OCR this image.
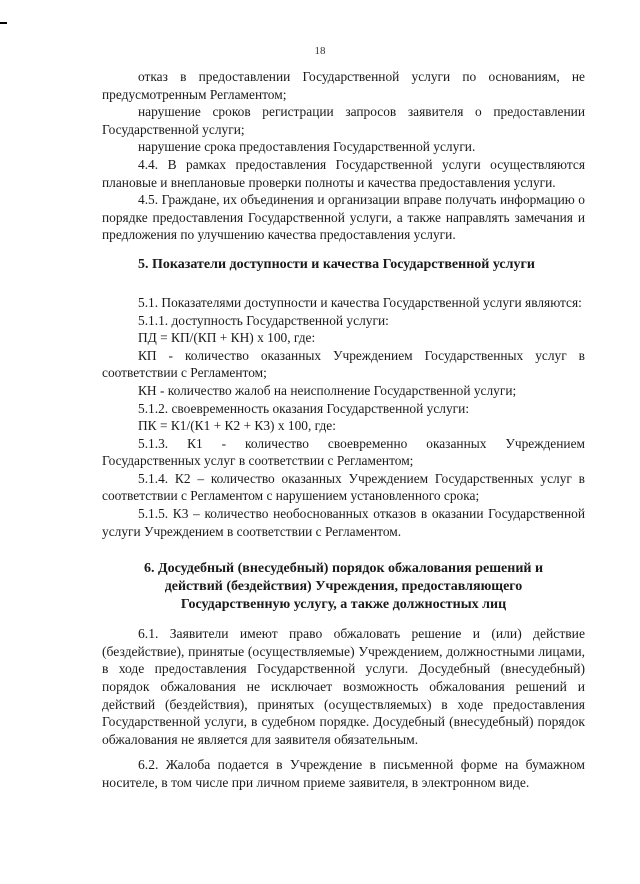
18

отказ в предоставлении Государственной услуги по основаниям, не предусмотренным Регламентом;

нарушение сроков регистрации запросов заявителя о предоставлении Государственной услуги;

нарушение срока предоставления Государственной услуги.

4.4. В рамках предоставления Государственной услуги осуществляются плановые и внеплановые проверки полноты и качества предоставления услуги.

4.5. Граждане, их объединения и организации вправе получать информацию о порядке предоставления Государственной услуги, а также направлять замечания и предложения по улучшению качества предоставления услуги.

5. Показатели доступности и качества Государственной услуги

5.1. Показателями доступности и качества Государственной услуги являются:

5.1.1. доступность Государственной услуги:

ПД = КП/(КП + КН) х 100, где:

КП - количество оказанных Учреждением Государственных услуг в соответствии с Регламентом;

КН - количество жалоб на неисполнение Государственной услуги;

5.1.2. своевременность оказания Государственной услуги:

ПК = К1/(К1 + К2 + К3) х 100, где:

5.1.3. К1 - количество своевременно оказанных Учреждением Государственных услуг в соответствии с Регламентом;

5.1.4. К2 – количество оказанных Учреждением Государственных услуг в соответствии с Регламентом с нарушением установленного срока;

5.1.5. К3 – количество необоснованных отказов в оказании Государственной услуги Учреждением в соответствии с Регламентом.

6. Досудебный (внесудебный) порядок обжалования решений и

действий (бездействия) Учреждения, предоставляющего

Государственную услугу, а также должностных лиц

6.1. Заявители имеют право обжаловать решение и (или) действие (бездействие), принятые (осуществляемые) Учреждением, должностными лицами, в ходе предоставления Государственной услуги. Досудебный (внесудебный) порядок обжалования не исключает возможность обжалования решений и действий (бездействия), принятых (осуществляемых) в ходе предоставления Государственной услуги, в судебном порядке. Досудебный (внесудебный) порядок обжалования не является для заявителя обязательным.

6.2. Жалоба подается в Учреждение в письменной форме на бумажном носителе, в том числе при личном приеме заявителя, в электронном виде.
